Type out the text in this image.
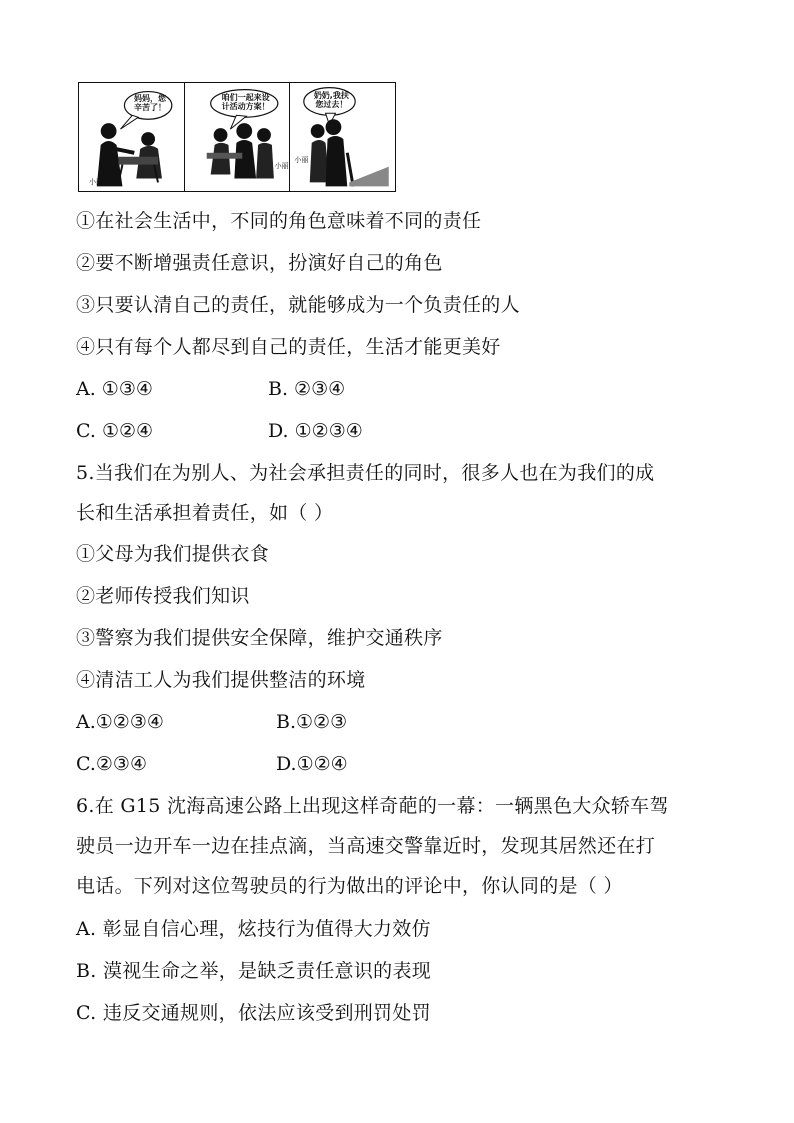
妈妈，您
辛苦了！
小丽
咱们一起来设
计活动方案！
小丽
奶奶,我扶
您过去！
小丽
①在社会生活中，不同的角色意味着不同的责任
②要不断增强责任意识，扮演好自己的角色
③只要认清自己的责任，就能够成为一个负责任的人
④只有每个人都尽到自己的责任，生活才能更美好
A. ①③④	B. ②③④
C. ①②④	D. ①②③④
5.当我们在为别人、为社会承担责任的同时，很多人也在为我们的成
长和生活承担着责任，如（ ）
①父母为我们提供衣食
②老师传授我们知识
③警察为我们提供安全保障，维护交通秩序
④清洁工人为我们提供整洁的环境
A.①②③④	B.①②③
C.②③④	D.①②④
6.在 G15 沈海高速公路上出现这样奇葩的一幕：一辆黑色大众轿车驾
驶员一边开车一边在挂点滴，当高速交警靠近时，发现其居然还在打
电话。下列对这位驾驶员的行为做出的评论中，你认同的是（ ）
A. 彰显自信心理，炫技行为值得大力效仿
B. 漠视生命之举，是缺乏责任意识的表现
C. 违反交通规则，依法应该受到刑罚处罚
